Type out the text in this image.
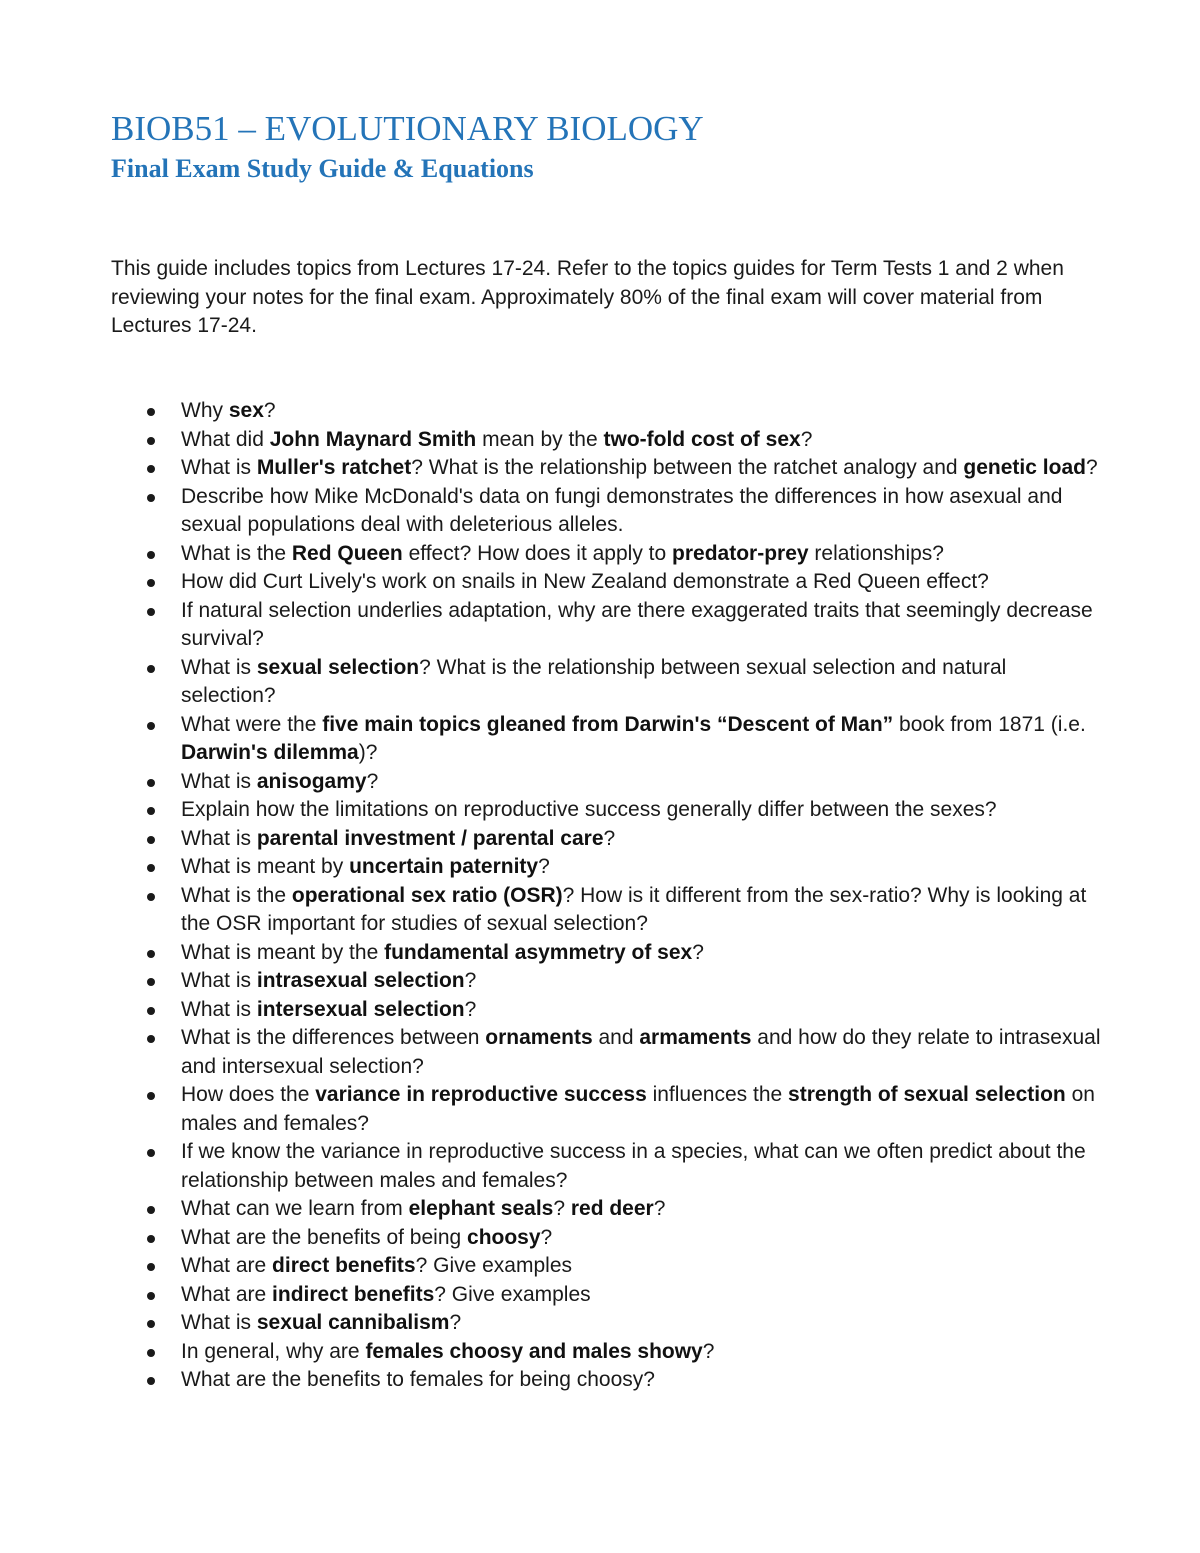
BIOB51 – EVOLUTIONARY BIOLOGY
Final Exam Study Guide & Equations

This guide includes topics from Lectures 17-24. Refer to the topics guides for Term Tests 1 and 2 when reviewing your notes for the final exam. Approximately 80% of the final exam will cover material from Lectures 17-24.

Why sex?
What did John Maynard Smith mean by the two-fold cost of sex?
What is Muller's ratchet? What is the relationship between the ratchet analogy and genetic load?
Describe how Mike McDonald's data on fungi demonstrates the differences in how asexual and sexual populations deal with deleterious alleles.
What is the Red Queen effect? How does it apply to predator-prey relationships?
How did Curt Lively's work on snails in New Zealand demonstrate a Red Queen effect?
If natural selection underlies adaptation, why are there exaggerated traits that seemingly decrease survival?
What is sexual selection? What is the relationship between sexual selection and natural selection?
What were the five main topics gleaned from Darwin's “Descent of Man” book from 1871 (i.e. Darwin's dilemma)?
What is anisogamy?
Explain how the limitations on reproductive success generally differ between the sexes?
What is parental investment / parental care?
What is meant by uncertain paternity?
What is the operational sex ratio (OSR)? How is it different from the sex-ratio? Why is looking at the OSR important for studies of sexual selection?
What is meant by the fundamental asymmetry of sex?
What is intrasexual selection?
What is intersexual selection?
What is the differences between ornaments and armaments and how do they relate to intrasexual and intersexual selection?
How does the variance in reproductive success influences the strength of sexual selection on males and females?
If we know the variance in reproductive success in a species, what can we often predict about the relationship between males and females?
What can we learn from elephant seals? red deer?
What are the benefits of being choosy?
What are direct benefits? Give examples
What are indirect benefits? Give examples
What is sexual cannibalism?
In general, why are females choosy and males showy?
What are the benefits to females for being choosy?
